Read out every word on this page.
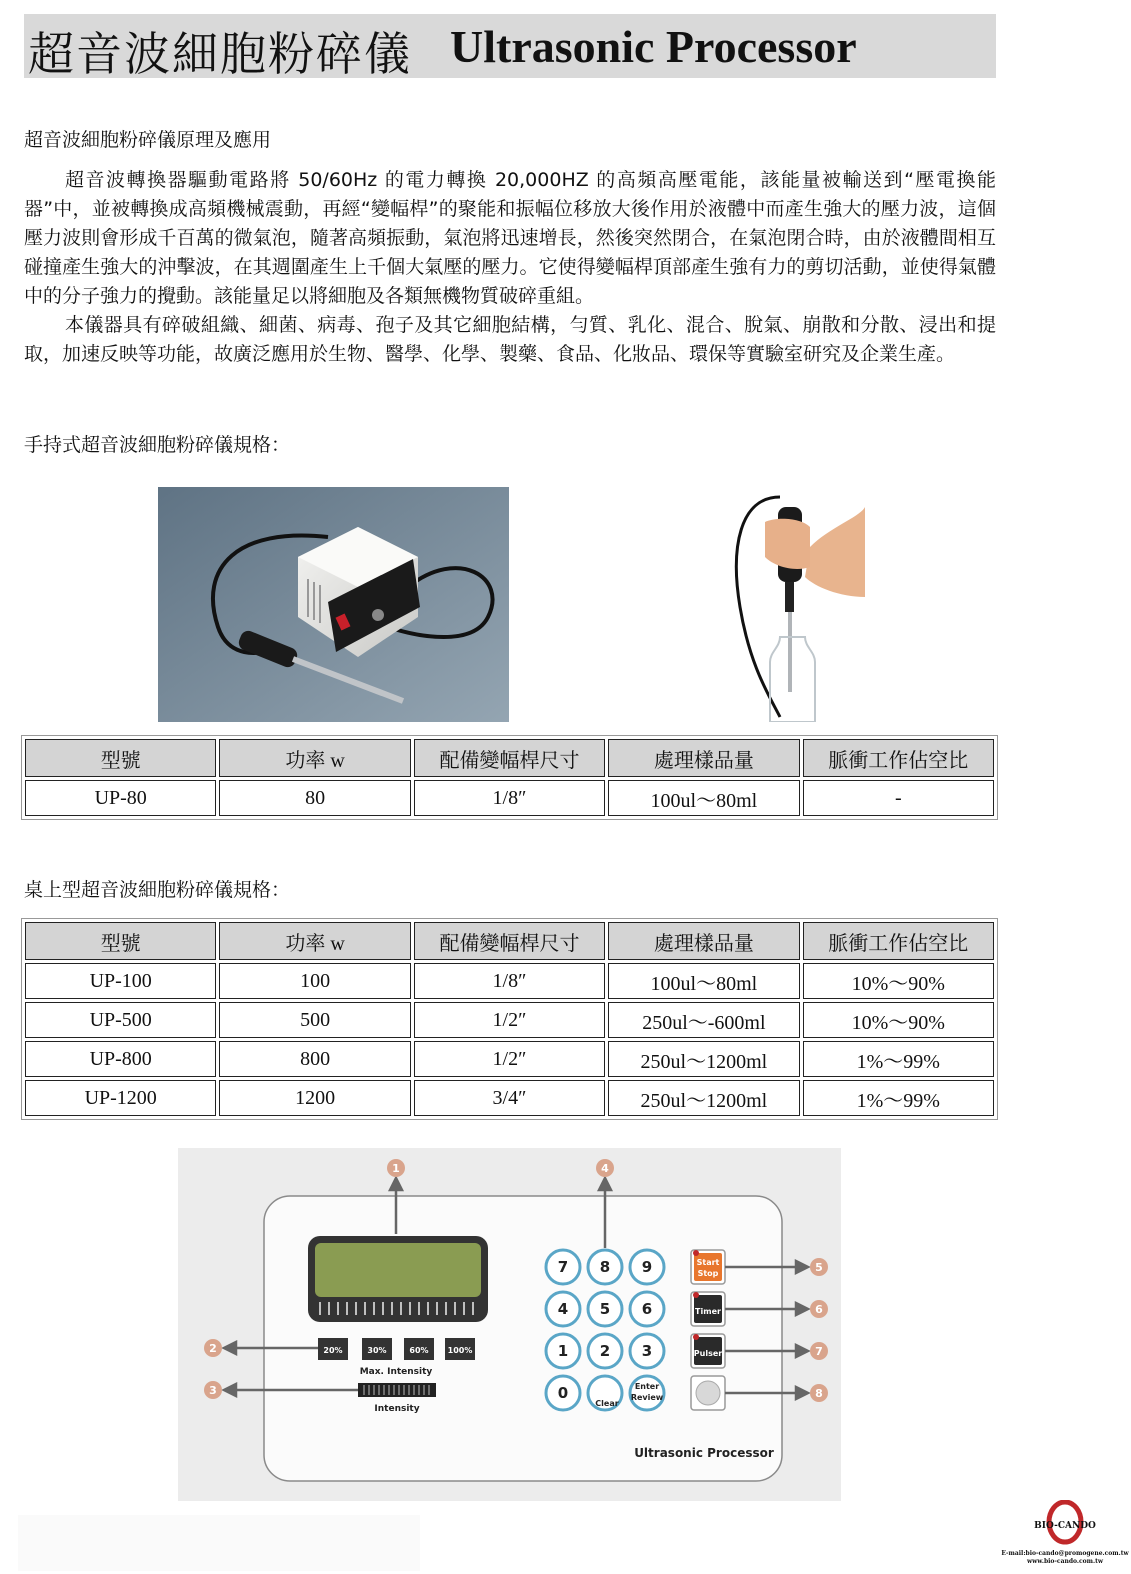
超音波細胞粉碎儀 Ultrasonic Processor
超音波細胞粉碎儀原理及應用
超音波轉換器驅動電路將 50/60Hz 的電力轉換 20,000HZ 的高頻高壓電能，該能量被輸送到“壓電換能器”中，並被轉換成高頻機械震動，再經“變幅桿”的聚能和振幅位移放大後作用於液體中而產生強大的壓力波，這個壓力波則會形成千百萬的微氣泡，隨著高頻振動，氣泡將迅速增長，然後突然閉合，在氣泡閉合時，由於液體間相互碰撞產生強大的沖擊波，在其週圍產生上千個大氣壓的壓力。它使得變幅桿頂部產生強有力的剪切活動，並使得氣體中的分子強力的攪動。該能量足以將細胞及各類無機物質破碎重組。
本儀器具有碎破組織、細菌、病毒、孢子及其它細胞結構，勻質、乳化、混合、脫氣、崩散和分散、浸出和提取，加速反映等功能，故廣泛應用於生物、醫學、化學、製藥、食品、化妝品、環保等實驗室研究及企業生產。
手持式超音波細胞粉碎儀規格：
型號	功率 w	配備變幅桿尺寸	處理樣品量	脈衝工作佔空比
UP-80	80	1/8″	100ul～80ml	-
桌上型超音波細胞粉碎儀規格：
型號	功率 w	配備變幅桿尺寸	處理樣品量	脈衝工作佔空比
UP-100	100	1/8″	100ul～80ml	10%～90%
UP-500	500	1/2″	250ul～-600ml	10%～90%
UP-800	800	1/2″	250ul～1200ml	1%～99%
UP-1200	1200	3/4″	250ul～1200ml	1%～99%
20%	30%	60% 100%
Max. Intensity
Intensity
7 8 9
4 5 6
1 2 3
0
Clear
Enter
Review
Start
Stop
Timer
Pulser
Ultrasonic Processor
1
2
3
4
5
6
7
8
BIO-CANDO
E-mail:bio-cando@promogene.com.tw
www.bio-cando.com.tw
